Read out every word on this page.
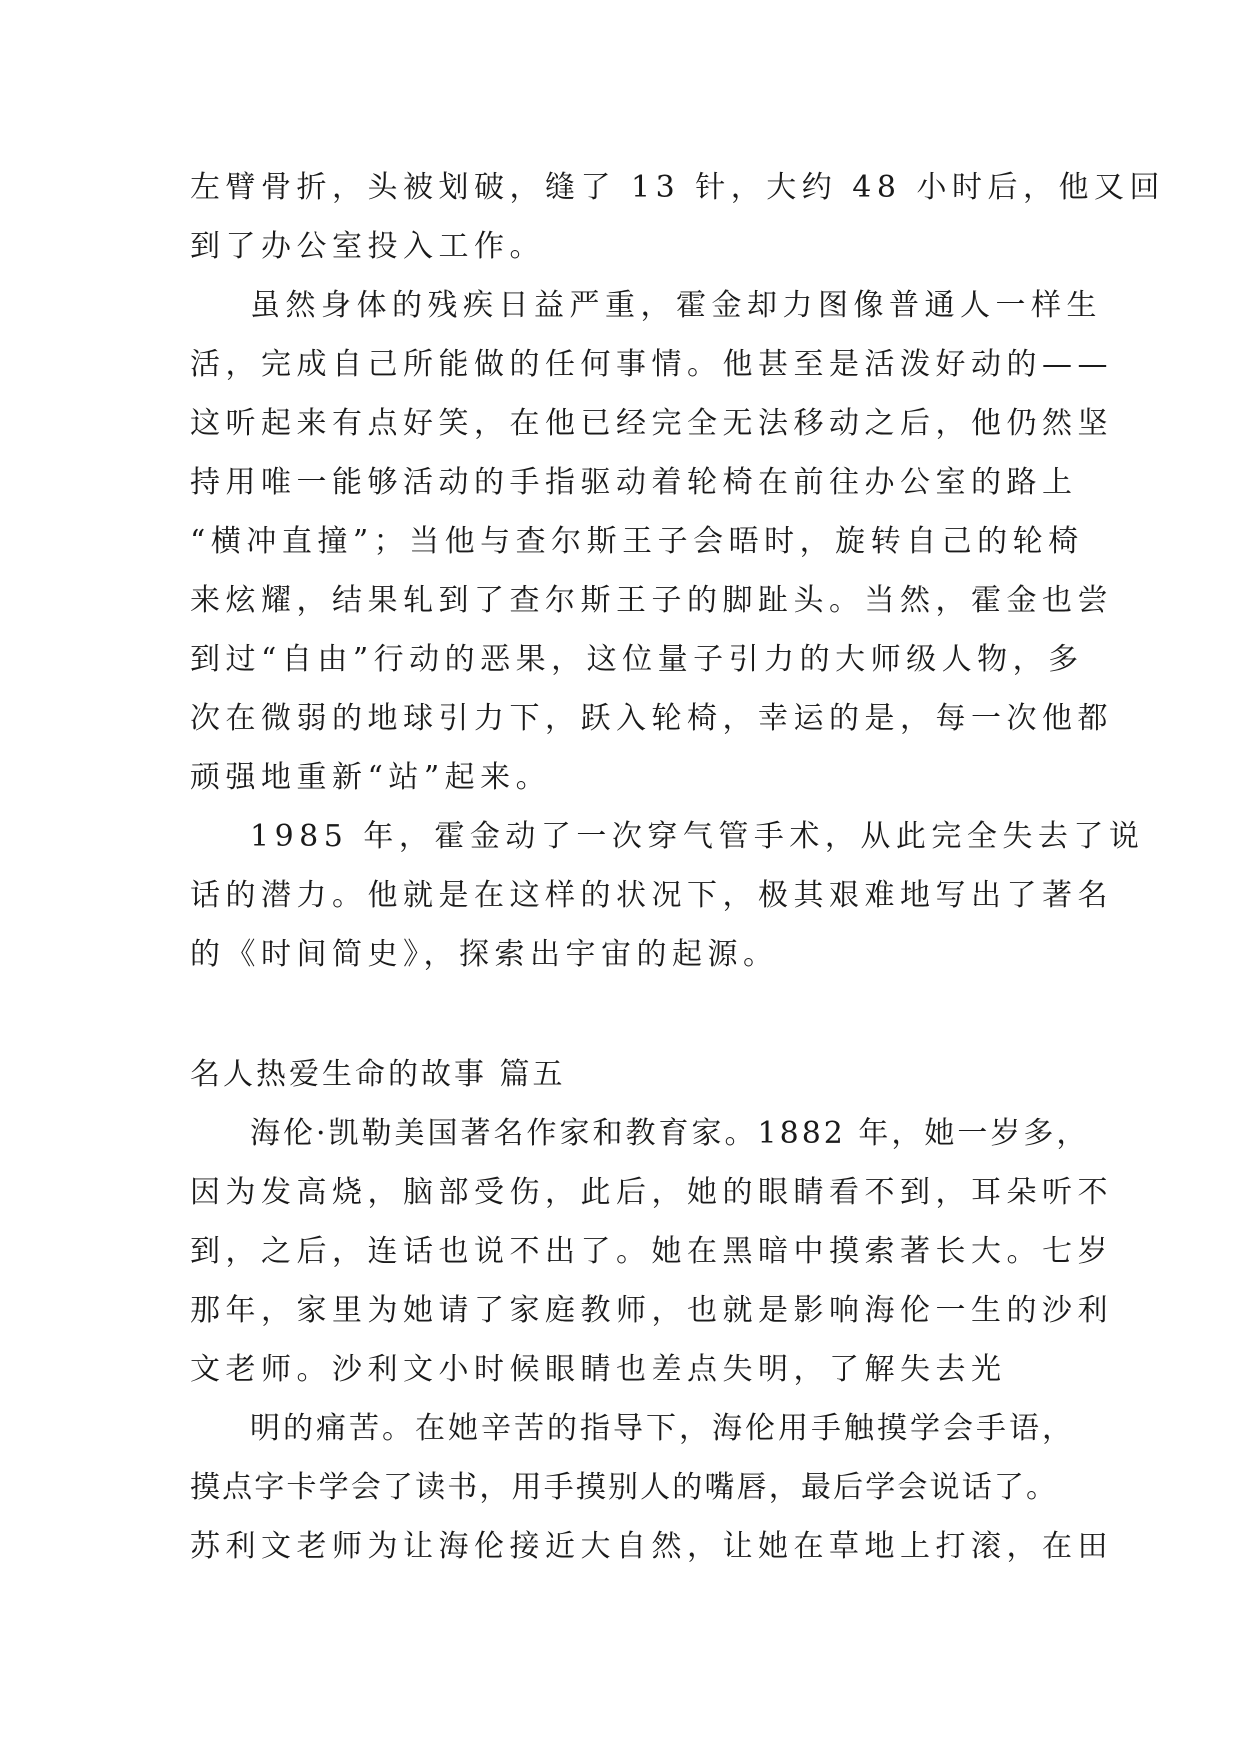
左臂骨折，头被划破，缝了 13 针，大约 48 小时后，他又回
到了办公室投入工作。
虽然身体的残疾日益严重，霍金却力图像普通人一样生
活，完成自己所能做的任何事情。他甚至是活泼好动的——
这听起来有点好笑，在他已经完全无法移动之后，他仍然坚
持用唯一能够活动的手指驱动着轮椅在前往办公室的路上
“横冲直撞”；当他与查尔斯王子会晤时，旋转自己的轮椅
来炫耀，结果轧到了查尔斯王子的脚趾头。当然，霍金也尝
到过“自由”行动的恶果，这位量子引力的大师级人物，多
次在微弱的地球引力下，跃入轮椅，幸运的是，每一次他都
顽强地重新“站”起来。
1985 年，霍金动了一次穿气管手术，从此完全失去了说
话的潜力。他就是在这样的状况下，极其艰难地写出了著名
的《时间简史》，探索出宇宙的起源。
名人热爱生命的故事 篇五
海伦·凯勒美国著名作家和教育家。1882 年，她一岁多，
因为发高烧，脑部受伤，此后，她的眼睛看不到，耳朵听不
到，之后，连话也说不出了。她在黑暗中摸索著长大。七岁
那年，家里为她请了家庭教师，也就是影响海伦一生的沙利
文老师。沙利文小时候眼睛也差点失明，了解失去光
明的痛苦。在她辛苦的指导下，海伦用手触摸学会手语，
摸点字卡学会了读书，用手摸别人的嘴唇，最后学会说话了。
苏利文老师为让海伦接近大自然，让她在草地上打滚，在田
